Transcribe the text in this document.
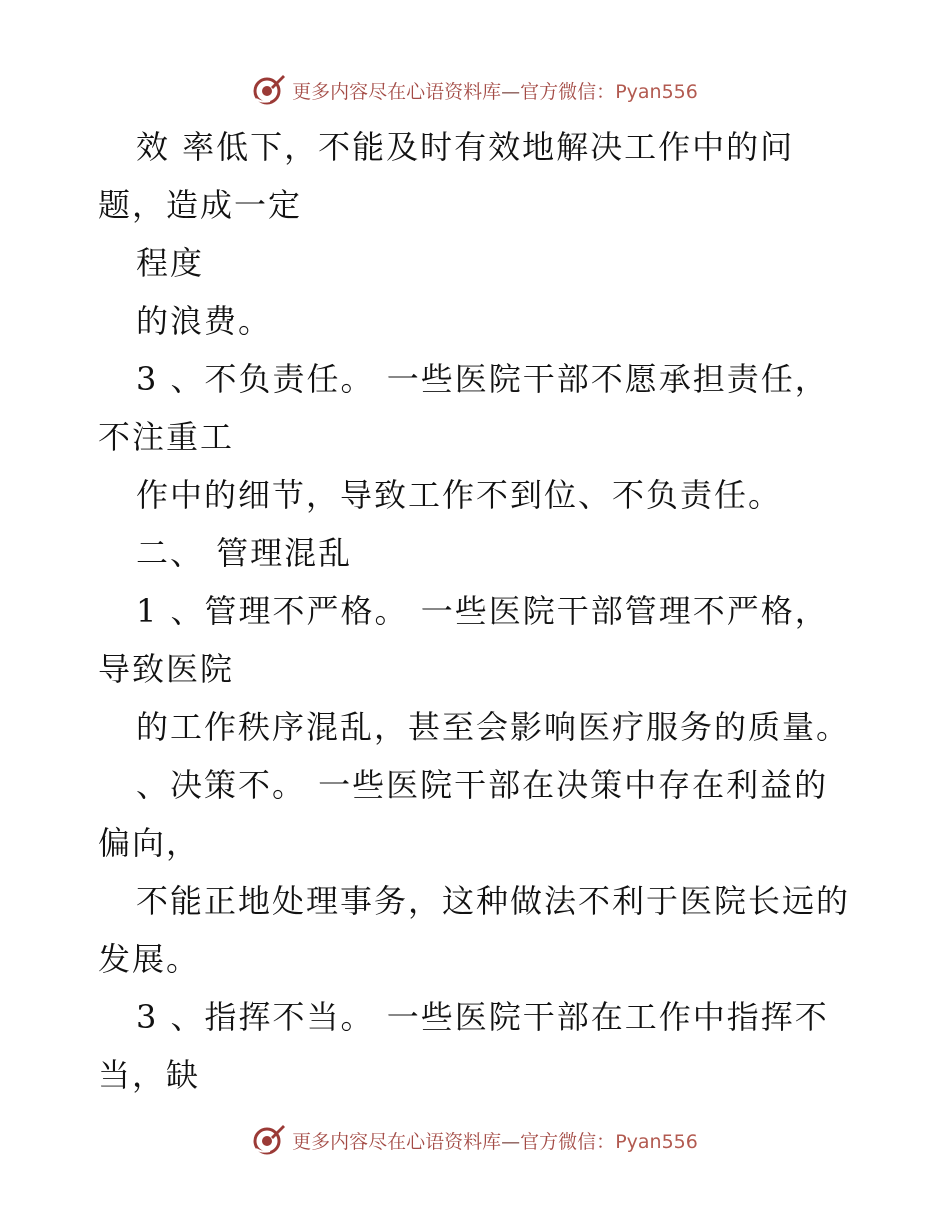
更多内容尽在心语资料库—官方微信：Pyan556
效 率低下，不能及时有效地解决工作中的问
题，造成一定
程度
的浪费。
3 、不负责任。 一些医院干部不愿承担责任，
不注重工
作中的细节，导致工作不到位、不负责任。
二、 管理混乱
1 、管理不严格。 一些医院干部管理不严格，
导致医院
的工作秩序混乱，甚至会影响医疗服务的质量。
、决策不。 一些医院干部在决策中存在利益的
偏向，
不能正地处理事务，这种做法不利于医院长远的
发展。
3 、指挥不当。 一些医院干部在工作中指挥不
当，缺
更多内容尽在心语资料库—官方微信：Pyan556
